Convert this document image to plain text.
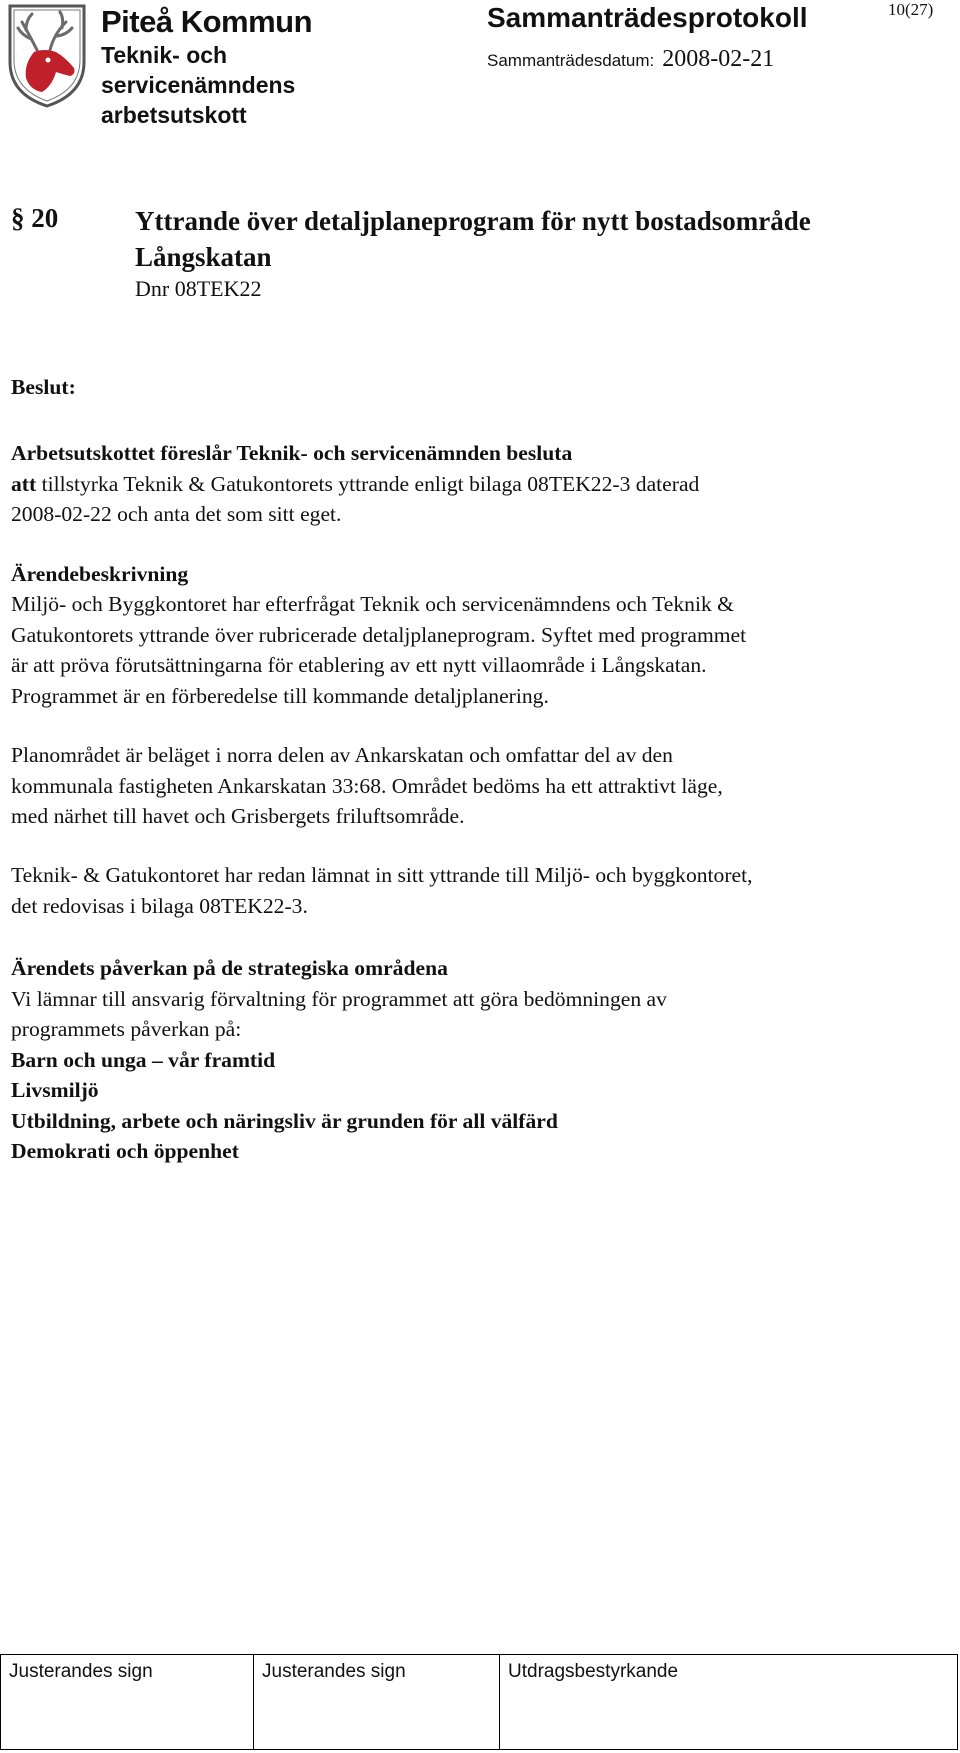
Piteå Kommun
Teknik- och
servicenämndens
arbetsutskott
Sammanträdesprotokoll	10(27)
Sammanträdesdatum: 2008-02-21
§ 20	Yttrande över detaljplaneprogram för nytt bostadsområde Långskatan
Dnr 08TEK22
Beslut:
Arbetsutskottet föreslår Teknik- och servicenämnden besluta
att tillstyrka Teknik & Gatukontorets yttrande enligt bilaga 08TEK22-3 daterad
2008-02-22 och anta det som sitt eget.
Ärendebeskrivning
Miljö- och Byggkontoret har efterfrågat Teknik och servicenämndens och Teknik &
Gatukontorets yttrande över rubricerade detaljplaneprogram. Syftet med programmet
är att pröva förutsättningarna för etablering av ett nytt villaområde i Långskatan.
Programmet är en förberedelse till kommande detaljplanering.
Planområdet är beläget i norra delen av Ankarskatan och omfattar del av den
kommunala fastigheten Ankarskatan 33:68. Området bedöms ha ett attraktivt läge,
med närhet till havet och Grisbergets friluftsområde.
Teknik- & Gatukontoret har redan lämnat in sitt yttrande till Miljö- och byggkontoret,
det redovisas i bilaga 08TEK22-3.
Ärendets påverkan på de strategiska områdena
Vi lämnar till ansvarig förvaltning för programmet att göra bedömningen av
programmets påverkan på:
Barn och unga – vår framtid
Livsmiljö
Utbildning, arbete och näringsliv är grunden för all välfärd
Demokrati och öppenhet
Justerandes sign	Justerandes sign	Utdragsbestyrkande
